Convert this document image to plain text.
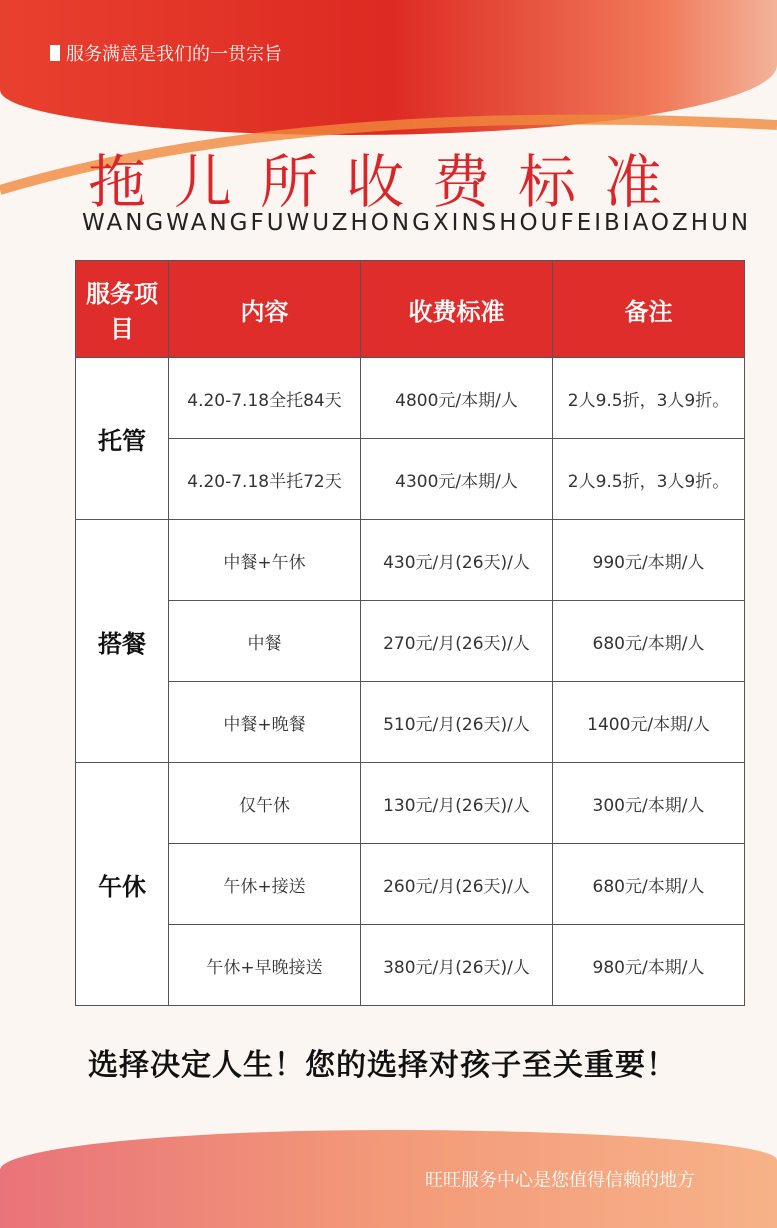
服务满意是我们的一贯宗旨
拖儿所收费标准
WANGWANGFUWUZHONGXINSHOUFEIBIAOZHUN
服务项目	内容	收费标准	备注
托管	4.20-7.18全托84天	4800元/本期/人	2人9.5折，3人9折。
	4.20-7.18半托72天	4300元/本期/人	2人9.5折，3人9折。
搭餐	中餐+午休	430元/月(26天)/人	990元/本期/人
	中餐	270元/月(26天)/人	680元/本期/人
	中餐+晚餐	510元/月(26天)/人	1400元/本期/人
午休	仅午休	130元/月(26天)/人	300元/本期/人
	午休+接送	260元/月(26天)/人	680元/本期/人
	午休+早晚接送	380元/月(26天)/人	980元/本期/人
选择决定人生！您的选择对孩子至关重要！
旺旺服务中心是您值得信赖的地方
